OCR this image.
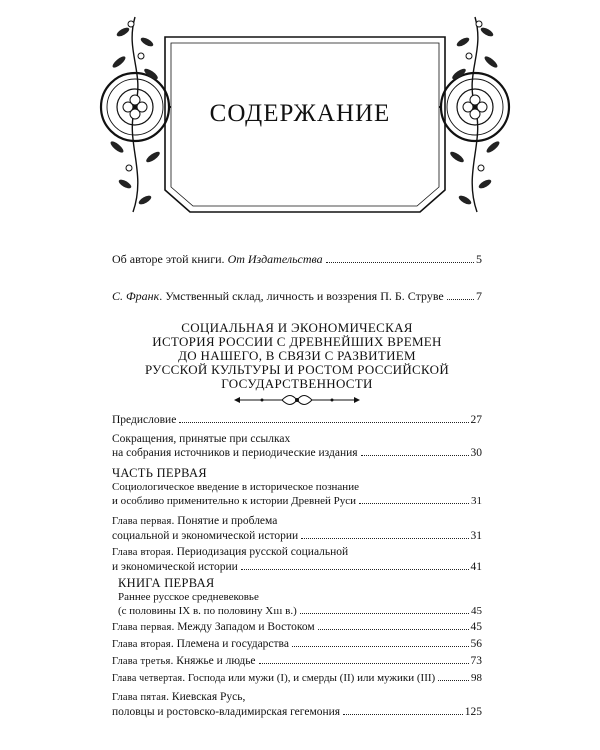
СОДЕРЖАНИЕ
Об авторе этой книги. От Издательства	5
С. Франк. Умственный склад, личность и воззрения П. Б. Струве	7
СОЦИАЛЬНАЯ И ЭКОНОМИЧЕСКАЯ
ИСТОРИЯ РОССИИ С ДРЕВНЕЙШИХ ВРЕМЕН
ДО НАШЕГО, В СВЯЗИ С РАЗВИТИЕМ
РУССКОЙ КУЛЬТУРЫ И РОСТОМ РОССИЙСКОЙ
ГОСУДАРСТВЕННОСТИ
Предисловие	27
Сокращения, принятые при ссылках
на собрания источников и периодические издания	30
ЧАСТЬ ПЕРВАЯ
Социологическое введение в историческое познание
и особливо применительно к истории Древней Руси	31
Глава первая. Понятие и проблема
социальной и экономической истории	31
Глава вторая. Периодизация русской социальной
и экономической истории	41
КНИГА ПЕРВАЯ
Раннее русское средневековье
(с половины IX в. по половину Xııı в.)	45
Глава первая. Между Западом и Востоком	45
Глава вторая. Племена и государства	56
Глава третья. Княжье и людье	73
Глава четвертая. Господа или мужи (I), и смерды (II) или мужики (III)	98
Глава пятая. Киевская Русь,
половцы и ростовско-владимирская гегемония	125
